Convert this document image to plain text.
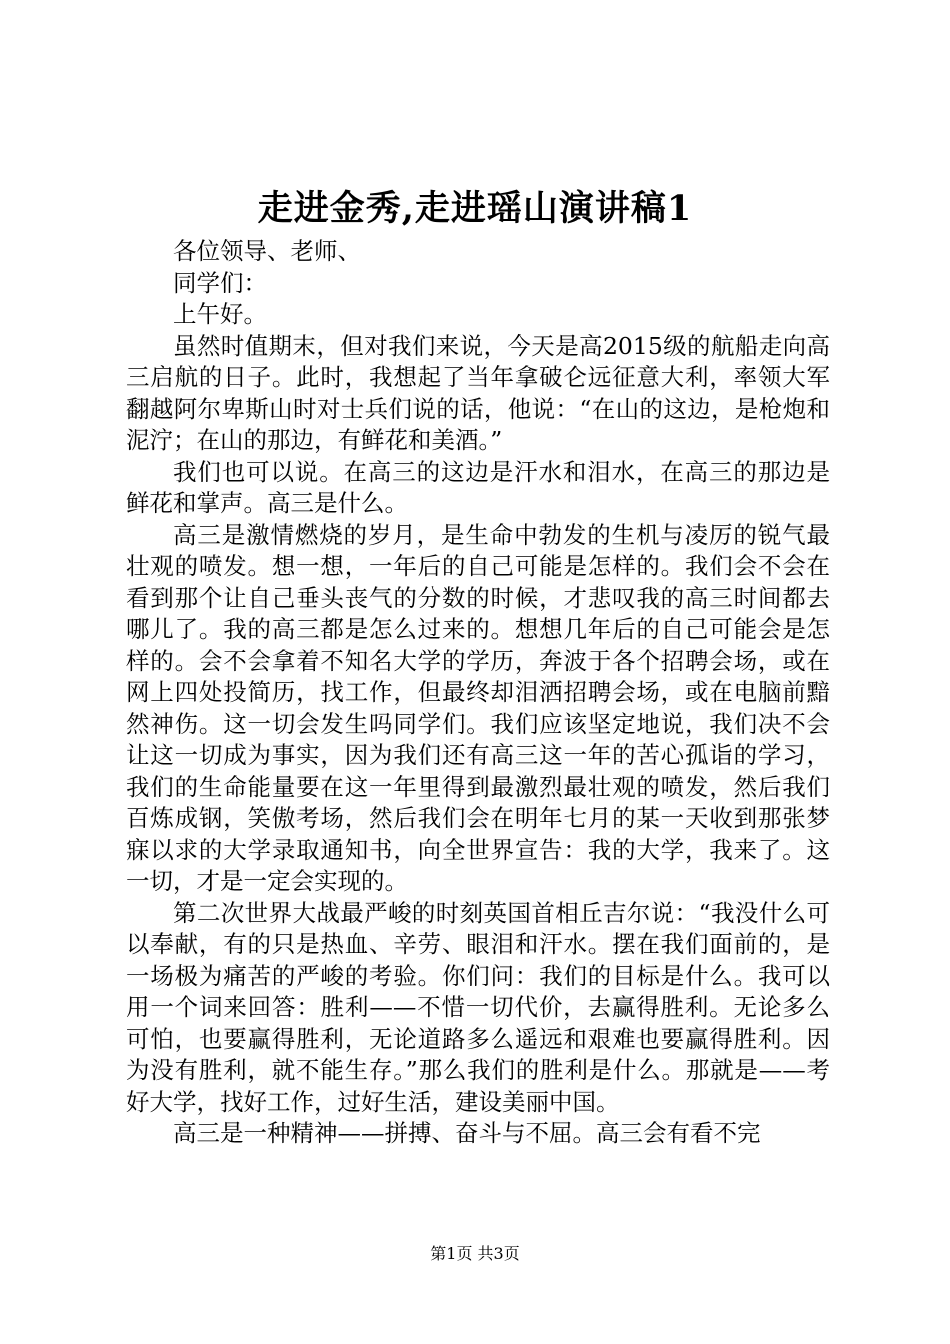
走进金秀,走进瑶山演讲稿1

各位领导、老师、

同学们：

上午好。

虽然时值期末，但对我们来说，今天是高2015级的航船走向高三启航的日子。此时，我想起了当年拿破仑远征意大利，率领大军翻越阿尔卑斯山时对士兵们说的话，他说：“在山的这边，是枪炮和泥泞；在山的那边，有鲜花和美酒。”

我们也可以说。在高三的这边是汗水和泪水，在高三的那边是鲜花和掌声。高三是什么。

高三是激情燃烧的岁月，是生命中勃发的生机与凌厉的锐气最壮观的喷发。想一想，一年后的自己可能是怎样的。我们会不会在看到那个让自己垂头丧气的分数的时候，才悲叹我的高三时间都去哪儿了。我的高三都是怎么过来的。想想几年后的自己可能会是怎样的。会不会拿着不知名大学的学历，奔波于各个招聘会场，或在网上四处投简历，找工作，但最终却泪洒招聘会场，或在电脑前黯然神伤。这一切会发生吗同学们。我们应该坚定地说，我们决不会让这一切成为事实，因为我们还有高三这一年的苦心孤诣的学习，我们的生命能量要在这一年里得到最激烈最壮观的喷发，然后我们百炼成钢，笑傲考场，然后我们会在明年七月的某一天收到那张梦寐以求的大学录取通知书，向全世界宣告：我的大学，我来了。这一切，才是一定会实现的。

第二次世界大战最严峻的时刻英国首相丘吉尔说：“我没什么可以奉献，有的只是热血、辛劳、眼泪和汗水。摆在我们面前的，是一场极为痛苦的严峻的考验。你们问：我们的目标是什么。我可以用一个词来回答：胜利——不惜一切代价，去赢得胜利。无论多么可怕，也要赢得胜利，无论道路多么遥远和艰难也要赢得胜利。因为没有胜利，就不能生存。”那么我们的胜利是什么。那就是——考好大学，找好工作，过好生活，建设美丽中国。

高三是一种精神——拼搏、奋斗与不屈。高三会有看不完

第1页 共3页
